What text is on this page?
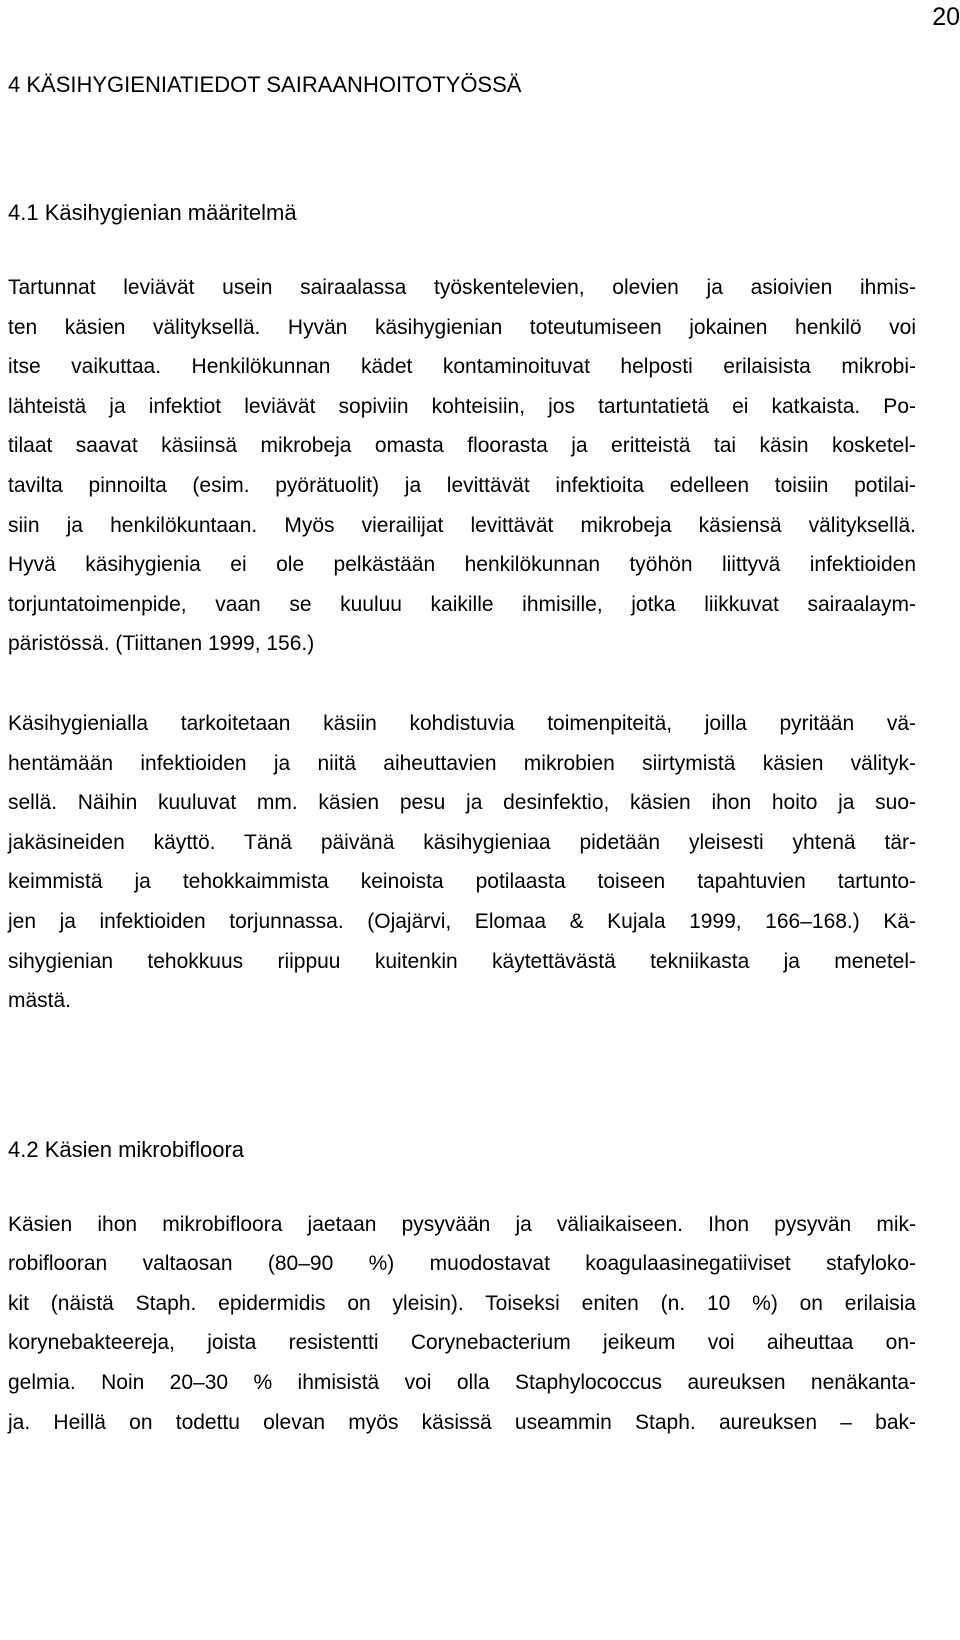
20
4 KÄSIHYGIENIATIEDOT SAIRAANHOITOTYÖSSÄ
4.1 Käsihygienian määritelmä

Tartunnat leviävät usein sairaalassa työskentelevien, olevien ja asioivien ihmis-
ten käsien välityksellä. Hyvän käsihygienian toteutumiseen jokainen henkilö voi
itse vaikuttaa. Henkilökunnan kädet kontaminoituvat helposti erilaisista mikrobi-
lähteistä ja infektiot leviävät sopiviin kohteisiin, jos tartuntatietä ei katkaista. Po-
tilaat saavat käsiinsä mikrobeja omasta floorasta ja eritteistä tai käsin kosketel-
tavilta pinnoilta (esim. pyörätuolit) ja levittävät infektioita edelleen toisiin potilai-
siin ja henkilökuntaan. Myös vierailijat levittävät mikrobeja käsiensä välityksellä.
Hyvä käsihygienia ei ole pelkästään henkilökunnan työhön liittyvä infektioiden
torjuntatoimenpide, vaan se kuuluu kaikille ihmisille, jotka liikkuvat sairaalaym-
päristössä. (Tiittanen 1999, 156.)

Käsihygienialla tarkoitetaan käsiin kohdistuvia toimenpiteitä, joilla pyritään vä-
hentämään infektioiden ja niitä aiheuttavien mikrobien siirtymistä käsien välityk-
sellä. Näihin kuuluvat mm. käsien pesu ja desinfektio, käsien ihon hoito ja suo-
jakäsineiden käyttö. Tänä päivänä käsihygieniaa pidetään yleisesti yhtenä tär-
keimmistä ja tehokkaimmista keinoista potilaasta toiseen tapahtuvien tartunto-
jen ja infektioiden torjunnassa. (Ojajärvi, Elomaa & Kujala 1999, 166–168.) Kä-
sihygienian tehokkuus riippuu kuitenkin käytettävästä tekniikasta ja menetel-
mästä.

4.2 Käsien mikrobifloora

Käsien ihon mikrobifloora jaetaan pysyvään ja väliaikaiseen. Ihon pysyvän mik-
robiflooran valtaosan (80–90 %) muodostavat koagulaasinegatiiviset stafyloko-
kit (näistä Staph. epidermidis on yleisin). Toiseksi eniten (n. 10 %) on erilaisia
korynebakteereja, joista resistentti Corynebacterium jeikeum voi aiheuttaa on-
gelmia. Noin 20–30 % ihmisistä voi olla Staphylococcus aureuksen nenäkanta-
ja. Heillä on todettu olevan myös käsissä useammin Staph. aureuksen – bak-
